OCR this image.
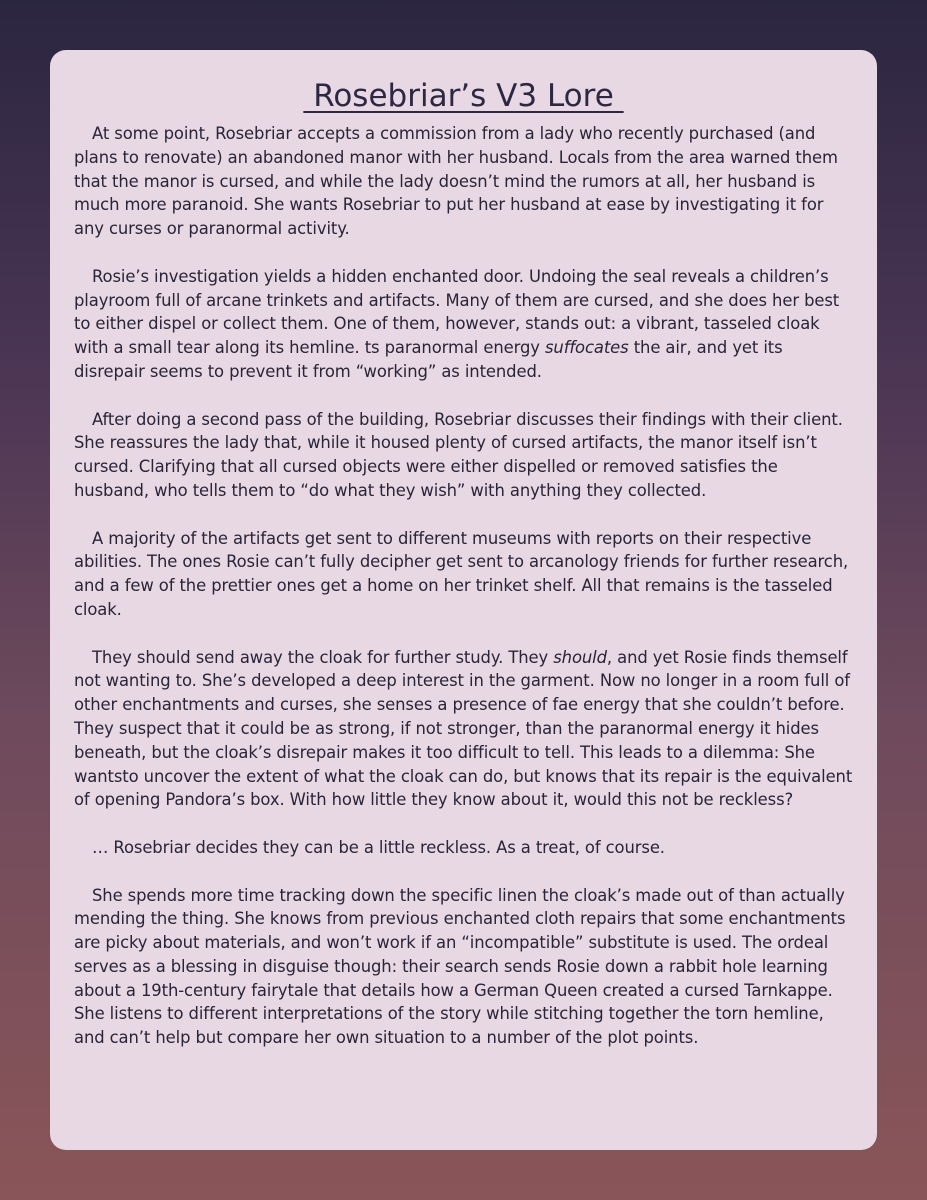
Rosebriar’s V3 Lore

At some point, Rosebriar accepts a commission from a lady who recently purchased (and plans to renovate) an abandoned manor with her husband. Locals from the area warned them that the manor is cursed, and while the lady doesn’t mind the rumors at all, her husband is much more paranoid. She wants Rosebriar to put her husband at ease by investigating it for any curses or paranormal activity.

Rosie’s investigation yields a hidden enchanted door. Undoing the seal reveals a children’s playroom full of arcane trinkets and artifacts. Many of them are cursed, and she does her best to either dispel or collect them. One of them, however, stands out: a vibrant, tasseled cloak with a small tear along its hemline. ts paranormal energy suffocates the air, and yet its disrepair seems to prevent it from “working” as intended.

After doing a second pass of the building, Rosebriar discusses their findings with their client. She reassures the lady that, while it housed plenty of cursed artifacts, the manor itself isn’t cursed. Clarifying that all cursed objects were either dispelled or removed satisfies the husband, who tells them to “do what they wish” with anything they collected.

A majority of the artifacts get sent to different museums with reports on their respective abilities. The ones Rosie can’t fully decipher get sent to arcanology friends for further research, and a few of the prettier ones get a home on her trinket shelf. All that remains is the tasseled cloak.

They should send away the cloak for further study. They should, and yet Rosie finds themself not wanting to. She’s developed a deep interest in the garment. Now no longer in a room full of other enchantments and curses, she senses a presence of fae energy that she couldn’t before. They suspect that it could be as strong, if not stronger, than the paranormal energy it hides beneath, but the cloak’s disrepair makes it too difficult to tell. This leads to a dilemma: She wantsto uncover the extent of what the cloak can do, but knows that its repair is the equivalent of opening Pandora’s box. With how little they know about it, would this not be reckless?

… Rosebriar decides they can be a little reckless. As a treat, of course.

She spends more time tracking down the specific linen the cloak’s made out of than actually mending the thing. She knows from previous enchanted cloth repairs that some enchantments are picky about materials, and won’t work if an “incompatible” substitute is used. The ordeal serves as a blessing in disguise though: their search sends Rosie down a rabbit hole learning about a 19th-century fairytale that details how a German Queen created a cursed Tarnkappe. She listens to different interpretations of the story while stitching together the torn hemline, and can’t help but compare her own situation to a number of the plot points.
